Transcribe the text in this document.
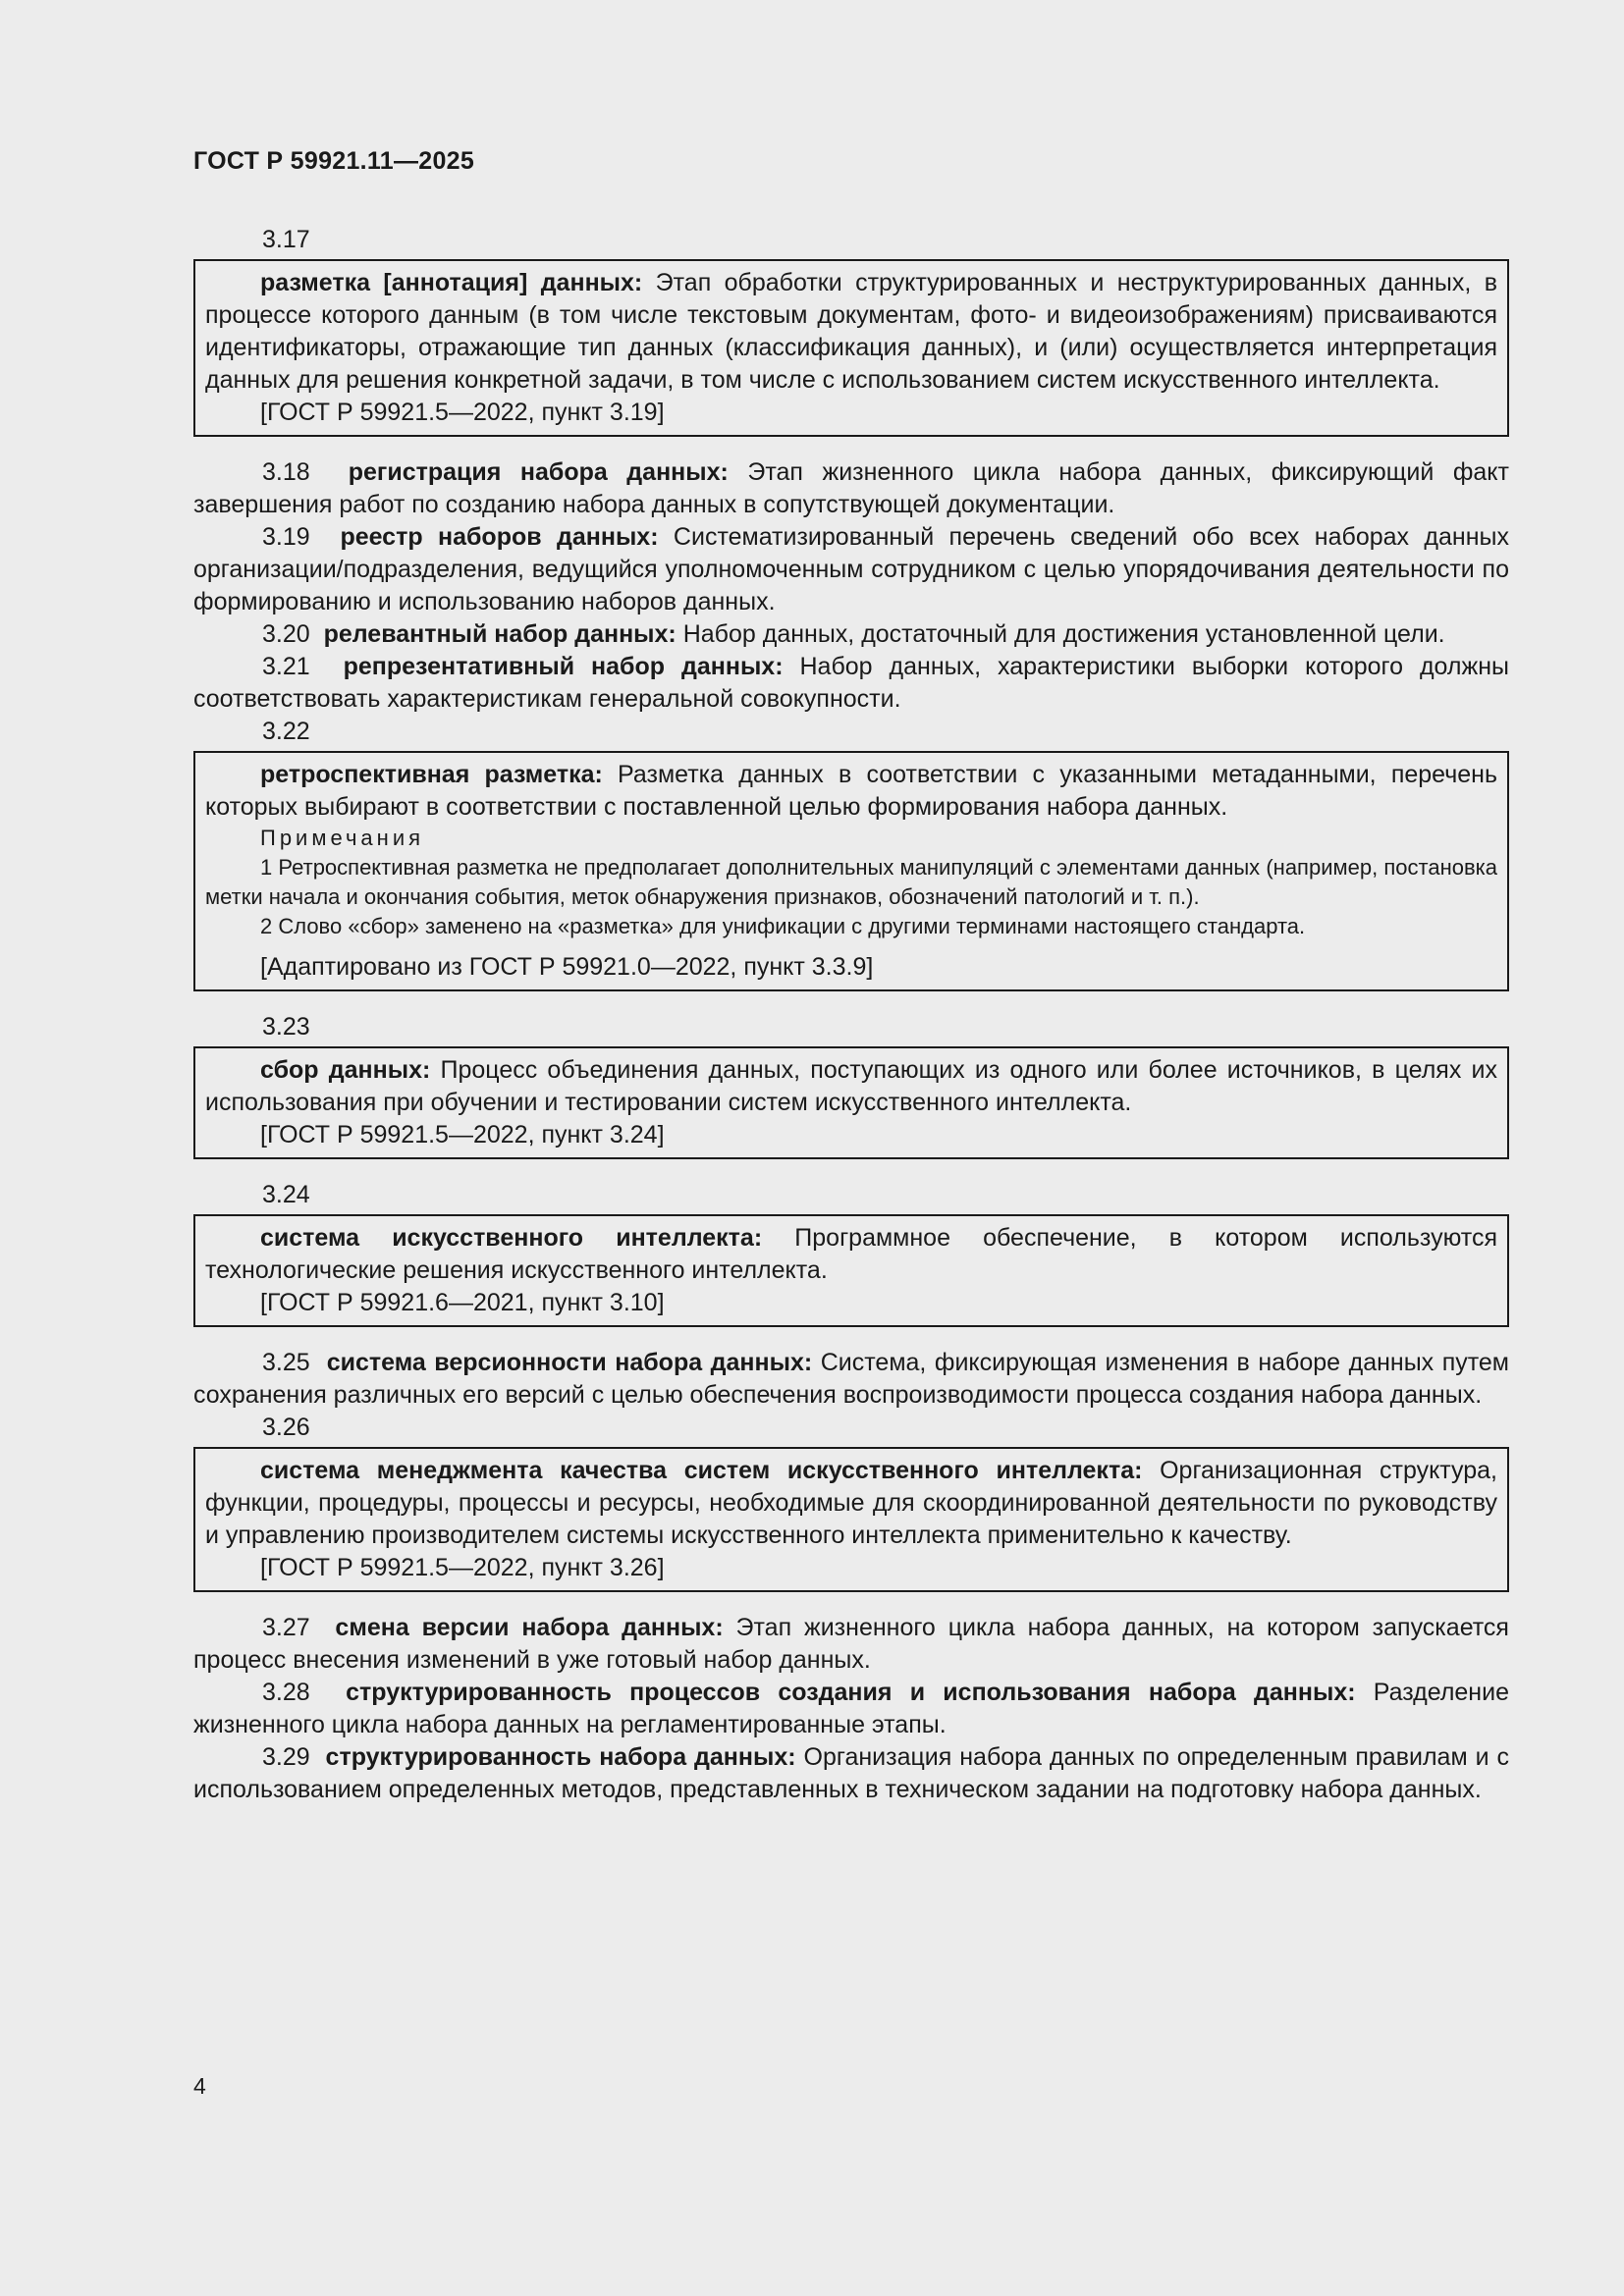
ГОСТ Р 59921.11—2025
3.17

разметка [аннотация] данных: Этап обработки структурированных и неструктурированных данных, в процессе которого данным (в том числе текстовым документам, фото- и видеоизображениям) присваиваются идентификаторы, отражающие тип данных (классификация данных), и (или) осуществляется интерпретация данных для решения конкретной задачи, в том числе с использованием систем искусственного интеллекта.

[ГОСТ Р 59921.5—2022, пункт 3.19]

3.18 регистрация набора данных: Этап жизненного цикла набора данных, фиксирующий факт завершения работ по созданию набора данных в сопутствующей документации.

3.19 реестр наборов данных: Систематизированный перечень сведений обо всех наборах данных организации/подразделения, ведущийся уполномоченным сотрудником с целью упорядочивания деятельности по формированию и использованию наборов данных.

3.20 релевантный набор данных: Набор данных, достаточный для достижения установленной цели.

3.21 репрезентативный набор данных: Набор данных, характеристики выборки которого должны соответствовать характеристикам генеральной совокупности.

3.22

ретроспективная разметка: Разметка данных в соответствии с указанными метаданными, перечень которых выбирают в соответствии с поставленной целью формирования набора данных.

Примечания

1 Ретроспективная разметка не предполагает дополнительных манипуляций с элементами данных (например, постановка метки начала и окончания события, меток обнаружения признаков, обозначений патологий и т. п.).

2 Слово «сбор» заменено на «разметка» для унификации с другими терминами настоящего стандарта.

[Адаптировано из ГОСТ Р 59921.0—2022, пункт 3.3.9]

3.23

сбор данных: Процесс объединения данных, поступающих из одного или более источников, в целях их использования при обучении и тестировании систем искусственного интеллекта.

[ГОСТ Р 59921.5—2022, пункт 3.24]

3.24

система искусственного интеллекта: Программное обеспечение, в котором используются технологические решения искусственного интеллекта.

[ГОСТ Р 59921.6—2021, пункт 3.10]

3.25 система версионности набора данных: Система, фиксирующая изменения в наборе данных путем сохранения различных его версий с целью обеспечения воспроизводимости процесса создания набора данных.

3.26

система менеджмента качества систем искусственного интеллекта: Организационная структура, функции, процедуры, процессы и ресурсы, необходимые для скоординированной деятельности по руководству и управлению производителем системы искусственного интеллекта применительно к качеству.

[ГОСТ Р 59921.5—2022, пункт 3.26]

3.27 смена версии набора данных: Этап жизненного цикла набора данных, на котором запускается процесс внесения изменений в уже готовый набор данных.

3.28 структурированность процессов создания и использования набора данных: Разделение жизненного цикла набора данных на регламентированные этапы.

3.29 структурированность набора данных: Организация набора данных по определенным правилам и с использованием определенных методов, представленных в техническом задании на подготовку набора данных.

4
